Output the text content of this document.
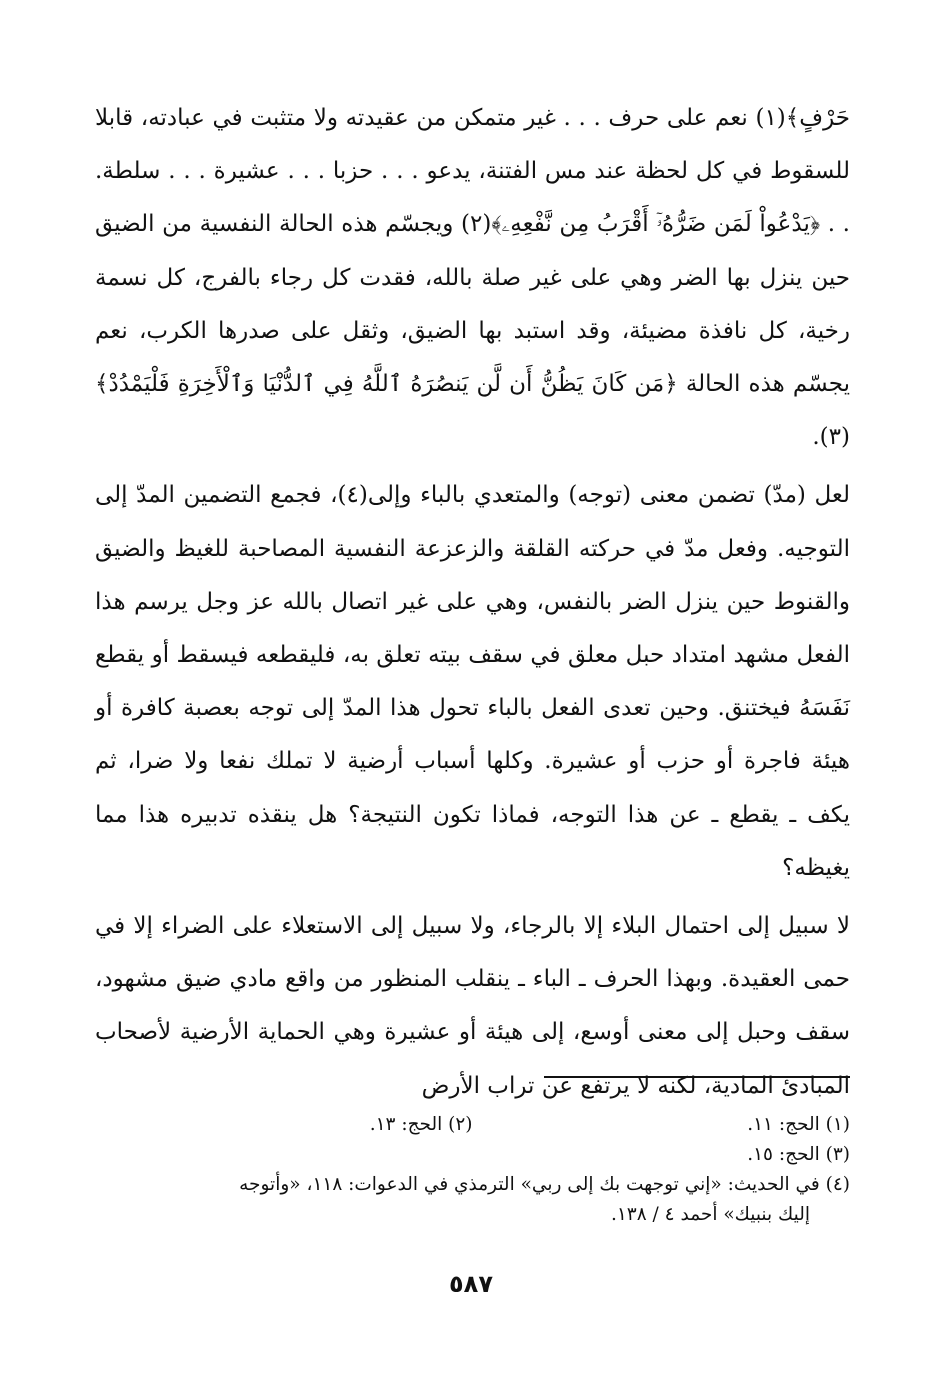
حَرْفٍ﴾(١) نعم على حرف . . . غير متمكن من عقيدته ولا متثبت في عبادته، قابلا للسقوط في كل لحظة عند مس الفتنة، يدعو . . . حزبا . . . عشيرة . . . سلطة. . . ﴿يَدْعُواْ لَمَن ضَرُّهُۥٓ أَقْرَبُ مِن نَّفْعِهِۦ﴾(٢) ويجسّم هذه الحالة النفسية من الضيق حين ينزل بها الضر وهي على غير صلة بالله، فقدت كل رجاء بالفرج، كل نسمة رخية، كل نافذة مضيئة، وقد استبد بها الضيق، وثقل على صدرها الكرب، نعم يجسّم هذه الحالة ﴿مَن كَانَ يَظُنُّ أَن لَّن يَنصُرَهُ ٱللَّهُ فِي ٱلدُّنْيَا وَٱلْأَخِرَةِ فَلْيَمْدُدْ﴾(٣).

لعل (مدّ) تضمن معنى (توجه) والمتعدي بالباء وإلى(٤)، فجمع التضمين المدّ إلى التوجيه. وفعل مدّ في حركته القلقة والزعزعة النفسية المصاحبة للغيظ والضيق والقنوط حين ينزل الضر بالنفس، وهي على غير اتصال بالله عز وجل يرسم هذا الفعل مشهد امتداد حبل معلق في سقف بيته تعلق به، فليقطعه فيسقط أو يقطع نَفَسَهُ فيختنق. وحين تعدى الفعل بالباء تحول هذا المدّ إلى توجه بعصبة كافرة أو هيئة فاجرة أو حزب أو عشيرة. وكلها أسباب أرضية لا تملك نفعا ولا ضرا، ثم يكف ـ يقطع ـ عن هذا التوجه، فماذا تكون النتيجة؟ هل ينقذه تدبيره هذا مما يغيظه؟

لا سبيل إلى احتمال البلاء إلا بالرجاء، ولا سبيل إلى الاستعلاء على الضراء إلا في حمى العقيدة. وبهذا الحرف ـ الباء ـ ينقلب المنظور من واقع مادي ضيق مشهود، سقف وحبل إلى معنى أوسع، إلى هيئة أو عشيرة وهي الحماية الأرضية لأصحاب المبادئ المادية، لكنه لا يرتفع عن تراب الأرض

(١) الحج: ١١.
(٢) الحج: ١٣.
(٣) الحج: ١٥.
(٤) في الحديث: «إني توجهت بك إلى ربي» الترمذي في الدعوات: ١١٨، «وأتوجه
إليك بنبيك» أحمد ٤ / ١٣٨.
٥٨٧
